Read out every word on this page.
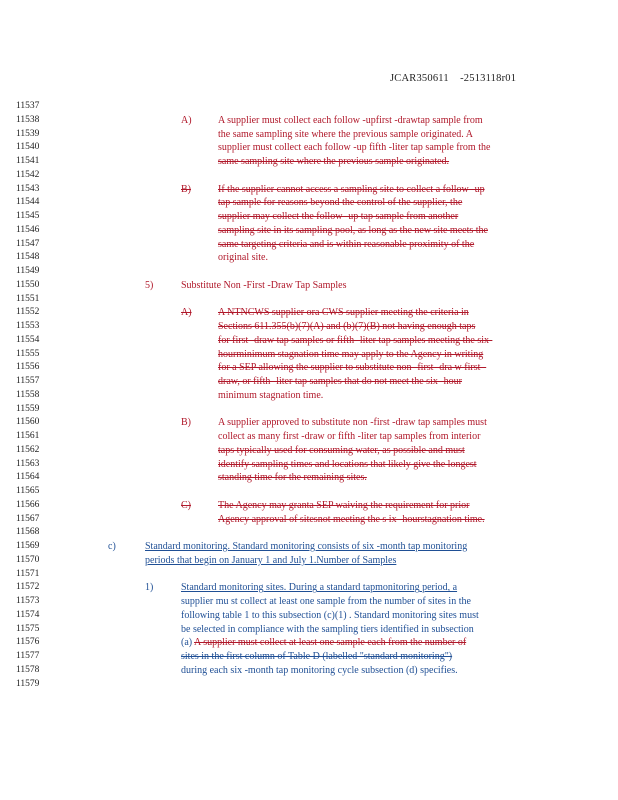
JCAR350611 -2513118r01
11537
11538
11539
11540
11541
11542
11543
11544
11545
11546
11547
11548
11549
11550
11551
11552
11553
11554
11555
11556
11557
11558
11559
11560
11561
11562
11563
11564
11565
11566
11567
11568
11569
11570
11571
11572
11573
11574
11575
11576
11577
11578
11579
A)	A supplier must collect each follow -upfirst -drawtap sample from
the same sampling site where the previous sample originated. A
supplier must collect each follow -up fifth -liter tap sample from the
same sampling site where the previous sample originated.
B)	If the supplier cannot access a sampling site to collect a follow -up
tap sample for reasons beyond the control of the supplier, the
supplier may collect the follow -up tap sample from another
sampling site in its sampling pool, as long as the new site meets the
same targeting criteria and is within reasonable proximity of the
original site.
5)	Substitute Non -First -Draw Tap Samples
A)	A NTNCWS supplier ora CWS supplier meeting the criteria in
Sections 611.355(b)(7)(A) and (b)(7)(B) not having enough taps
for first -draw tap samples or fifth -liter tap samples meeting the six-
hourminimum stagnation time may apply to the Agency in writing
for a SEP allowing the supplier to substitute non -first -dra w first -
draw, or fifth -liter tap samples that do not meet the six -hour
minimum stagnation time.
B)	A supplier approved to substitute non -first -draw tap samples must
collect as many first -draw or fifth -liter tap samples from interior
taps typically used for consuming water, as possible and must
identify sampling times and locations that likely give the longest
standing time for the remaining sites.
C)	The Agency may granta SEP waiving the requirement for prior
Agency approval of sitesnot meeting the s ix -hourstagnation time.
c)	Standard monitoring. Standard monitoring consists of six -month tap monitoring
periods that begin on January 1 and July 1.Number of Samples
1)	Standard monitoring sites. During a standard tapmonitoring period, a
supplier mu st collect at least one sample from the number of sites in the
following table 1 to this subsection (c)(1) . Standard monitoring sites must
be selected in compliance with the sampling tiers identified in subsection
(a) A supplier must collect at least one sample each from the number of
sites in the first column of Table D (labelled "standard monitoring")
during each six -month tap monitoring cycle subsection (d) specifies.
